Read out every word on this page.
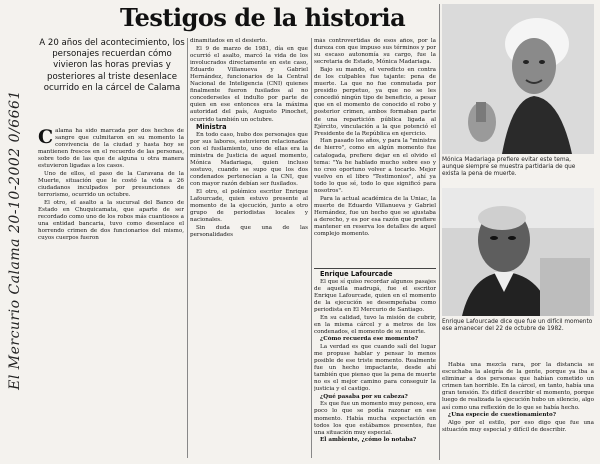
El Mercurio Calama 20-10-2002 0/6661
Testigos de la historia
A 20 años del acontecimiento, los personajes recuerdan cómo vivieron las horas previas y posteriores al triste desenlace ocurrido en la cárcel de Calama

Calama ha sido marcada por dos hechos de sangre que culmitaron en su momento la convivencia de la ciudad y hasta hoy se mantienen frescos en el recuerdo de las personas, sobre todo de las que de alguna u otra manera estuvieron ligadas a los casos.

Uno de ellos, el paso de la Caravana de la Muerte, situación que le costó la vida a 26 ciudadanos inculpados por presunciones de terrorismo, ocurrido un octubre.

El otro, el asalto a la sucursal del Banco de Estado en Chuquicamata, que aparte de ser recordado como uno de los robos más cuantiosos a una entidad bancaria, tuvo como desenlace el horrendo crimen de dos funcionarios del mismo, cuyos cuerpos fueron

dinamitados en el desierto.

El 9 de marzo de 1981, día en que ocurrió el asalto, marcó la vida de los involucrados directamente en este caso, Eduardo Villanueva y Gabriel Hernández, funcionarios de la Central Nacional de Inteligencia (CNI) quienes finalmente fueron fusilados al no concederseles el indulto por parte de quien en ese entonces era la máxima autoridad del país, Augusto Pinochet, ocurrido también un octubre.

Ministra

En todo caso, hubo dos personajes que por sus labores, estuvieron relacionadas con el fusilamiento, uno de ellas era la ministra de Justicia de aquel momento, Mónica Madariaga, quien incluso sostuvo, cuando se supo que los dos condenados pertenecían a la CNI, que con mayor razón debían ser fusilados.

El otro, el polémico escritor Enrique Lafourcade, quien estuvo presente al momento de la ejecución, junto a otro grupo de periodistas locales y nacionales.

Sin duda que una de las personalidades

más controvertidas de esos años, por la dureza con que impuso sus términos y por su escaso autonomía su cargo, fue la secretaria de Estado, Mónica Madariaga.

Bajo su mando, el veredicto en contra de los culpables fue tajante: pena de muerte. La que no fue conmutada por presidio perpetuo, ya que no se les concedió ningún tipo de beneficio, a pesar que en el momento de conocido el robo y posterior crimen, ambos formaban parte de una repartición pública ligada al Ejército, vinculación a la que potenció el Presidente de la República en ejercicio.

Han pasado los años, y para la "ministra de hierro", como en algún momento fue catalogada, prefiere dejar en el olvido el tema: "Ya he hablado mucho sobre eso y no creo oportuno volver a tocarlo. Mejor vuelvo en el libro "Testimonios", ahí ya todo lo que sé, todo lo que significó para nosotros".

Para la actual académica de la Uniac, la muerte de Eduardo Villanueva y Gabriel Hernández, fue un hecho que se ajustaba a derecho, y es por esa razón que prefiere mantener en reserva los detalles de aquel complejo momento.

Enrique Lafourcade

El que sí quiso recordar algunos pasajes de aquella madrugá, fue el escritor Enrique Lafourcade, quien en el momento de la ejecución se desempeñaba como periodista en El Mercurio de Santiago.

En su calidad, tuvo la misión de cubrir, en la misma cárcel y a metros de los condenados, el momento de su muerte.

¿Cómo recuerda ese momento?

La verdad es que cuando salí del lugar me propuse hablar y pensar lo menos posible de ese triste momento. Realmente fue un hecho impactante, desde ahí también que pienso que la pena de muerte no es el mejor camino para conseguir la justicia y el castigo.

¿Qué pasaba por su cabeza?

Es que fue un momento muy penoso, era poco lo que se podía razonar en ese momento. Había mucha expectación en todos los que estábamos presentes, fue una situación muy especial.

El ambiente, ¿cómo lo notaba?

Mónica Madariaga prefiere evitar este tema, aunque siempre se muestra partidaria de que exista la pena de muerte.
Enrique Lafourcade dice que fue un difícil momento ese amanecer del 22 de octubre de 1982.

Había una mezcla rara, por la distancia se escuchaba la alegría de la gente, porque ya iba a eliminar a dos personas que habían cometido un crimen tan horrible. En la cárcel, en tanto, había una gran tensión. Es difícil describir el momento, porque luego de realizada la ejecución hubo un silencio, algo así como una reflexión de lo que se había hecho.

¿Una especie de cuestionamiento?

Algo por el estilo, por eso digo que fue una situación muy especial y difícil de describir.
